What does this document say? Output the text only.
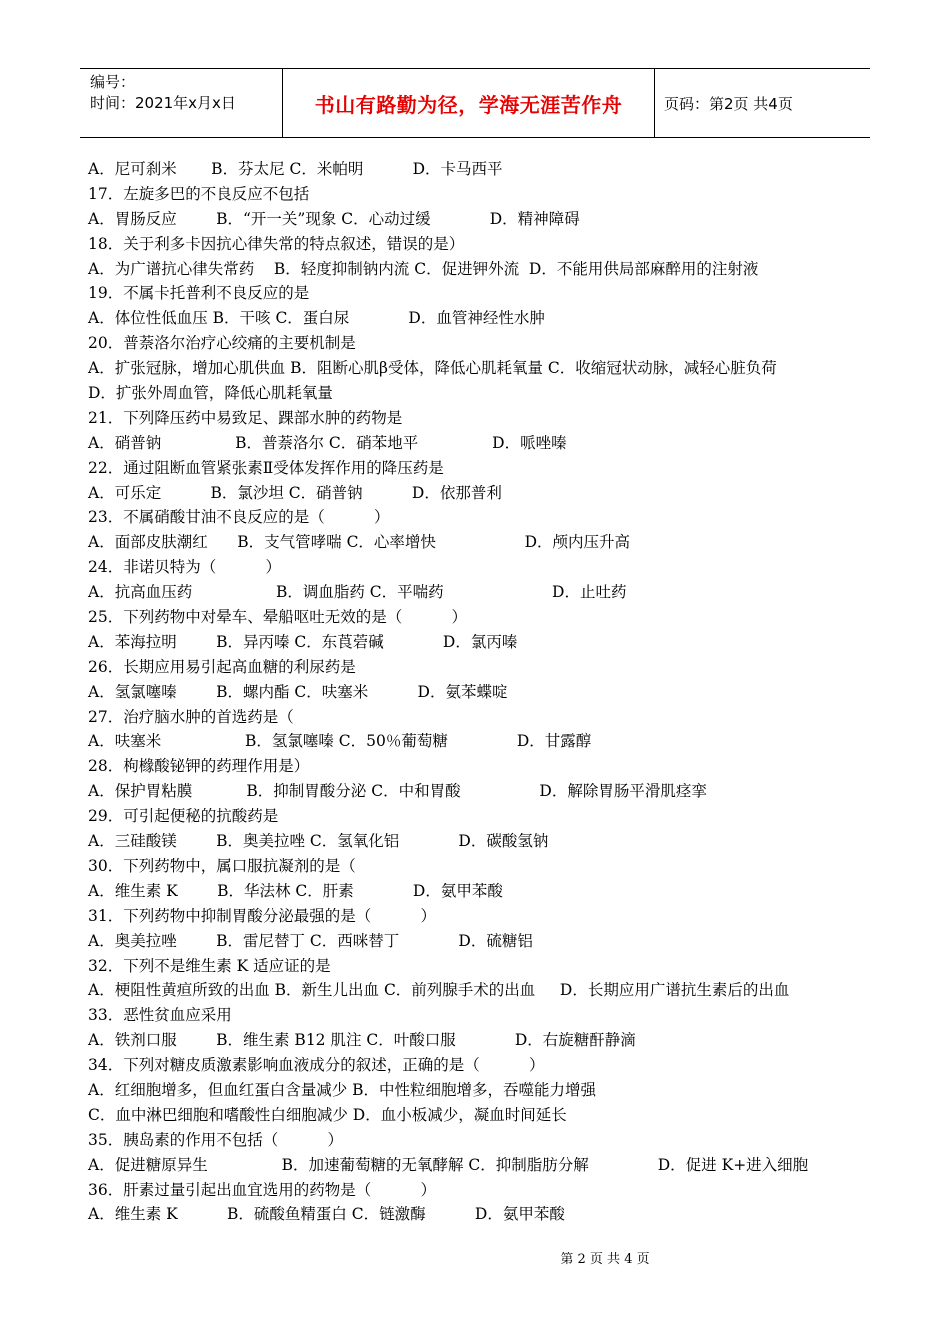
编号：
时间：2021年x月x日	书山有路勤为径，学海无涯苦作舟	页码：第2页 共4页
A．尼可刹米       B．芬太尼 C．米帕明          D．卡马西平
17．左旋多巴的不良反应不包括
A．胃肠反应        B．“开一关”现象 C．心动过缓            D．精神障碍
18．关于利多卡因抗心律失常的特点叙述，错误的是）
A．为广谱抗心律失常药    B．轻度抑制钠内流 C．促进钾外流  D．不能用供局部麻醉用的注射液
19．不属卡托普利不良反应的是
A．体位性低血压 B．干咳 C．蛋白尿            D．血管神经性水肿
20．普萘洛尔治疗心绞痛的主要机制是
A．扩张冠脉，增加心肌供血 B．阻断心肌β受体，降低心肌耗氧量 C．收缩冠状动脉，减轻心脏负荷
D．扩张外周血管，降低心肌耗氧量
21．下列降压药中易致足、踝部水肿的药物是
A．硝普钠               B．普萘洛尔 C．硝苯地平               D．哌唑嗪
22．通过阻断血管紧张素Ⅱ受体发挥作用的降压药是
A．可乐定          B．氯沙坦 C．硝普钠          D．依那普利
23．不属硝酸甘油不良反应的是（          ）
A．面部皮肤潮红      B．支气管哮喘 C．心率增快                  D．颅内压升高
24．非诺贝特为（          ）
A．抗高血压药                 B．调血脂药 C．平喘药                      D．止吐药
25．下列药物中对晕车、晕船呕吐无效的是（          ）
A．苯海拉明        B．异丙嗪 C．东莨菪碱            D．氯丙嗪
26．长期应用易引起高血糖的利尿药是
A．氢氯噻嗪        B．螺内酯 C．呋塞米          D．氨苯蝶啶
27．治疗脑水肿的首选药是（
A．呋塞米                 B．氢氯噻嗪 C．50％葡萄糖              D．甘露醇
28．枸橼酸铋钾的药理作用是）
A．保护胃粘膜           B．抑制胃酸分泌 C．中和胃酸                D．解除胃肠平滑肌痉挛
29．可引起便秘的抗酸药是
A．三硅酸镁        B．奥美拉唑 C．氢氧化铝            D．碳酸氢钠
30．下列药物中，属口服抗凝剂的是（
A．维生素 K        B．华法林 C．肝素            D．氨甲苯酸
31．下列药物中抑制胃酸分泌最强的是（          ）
A．奥美拉唑        B．雷尼替丁 C．西咪替丁            D．硫糖铝
32．下列不是维生素 K 适应证的是
A．梗阻性黄疸所致的出血 B．新生儿出血 C．前列腺手术的出血     D．长期应用广谱抗生素后的出血
33．恶性贫血应采用
A．铁剂口服        B．维生素 B12 肌注 C．叶酸口服            D．右旋糖酐静滴
34．下列对糖皮质激素影响血液成分的叙述，正确的是（          ）
A．红细胞增多，但血红蛋白含量减少 B．中性粒细胞增多，吞噬能力增强
C．血中淋巴细胞和嗜酸性白细胞减少 D．血小板减少，凝血时间延长
35．胰岛素的作用不包括（          ）
A．促进糖原异生               B．加速葡萄糖的无氧酵解 C．抑制脂肪分解              D．促进 K+进入细胞
36．肝素过量引起出血宜选用的药物是（          ）
A．维生素 K          B．硫酸鱼精蛋白 C．链激酶          D．氨甲苯酸
第 2 页 共 4 页
